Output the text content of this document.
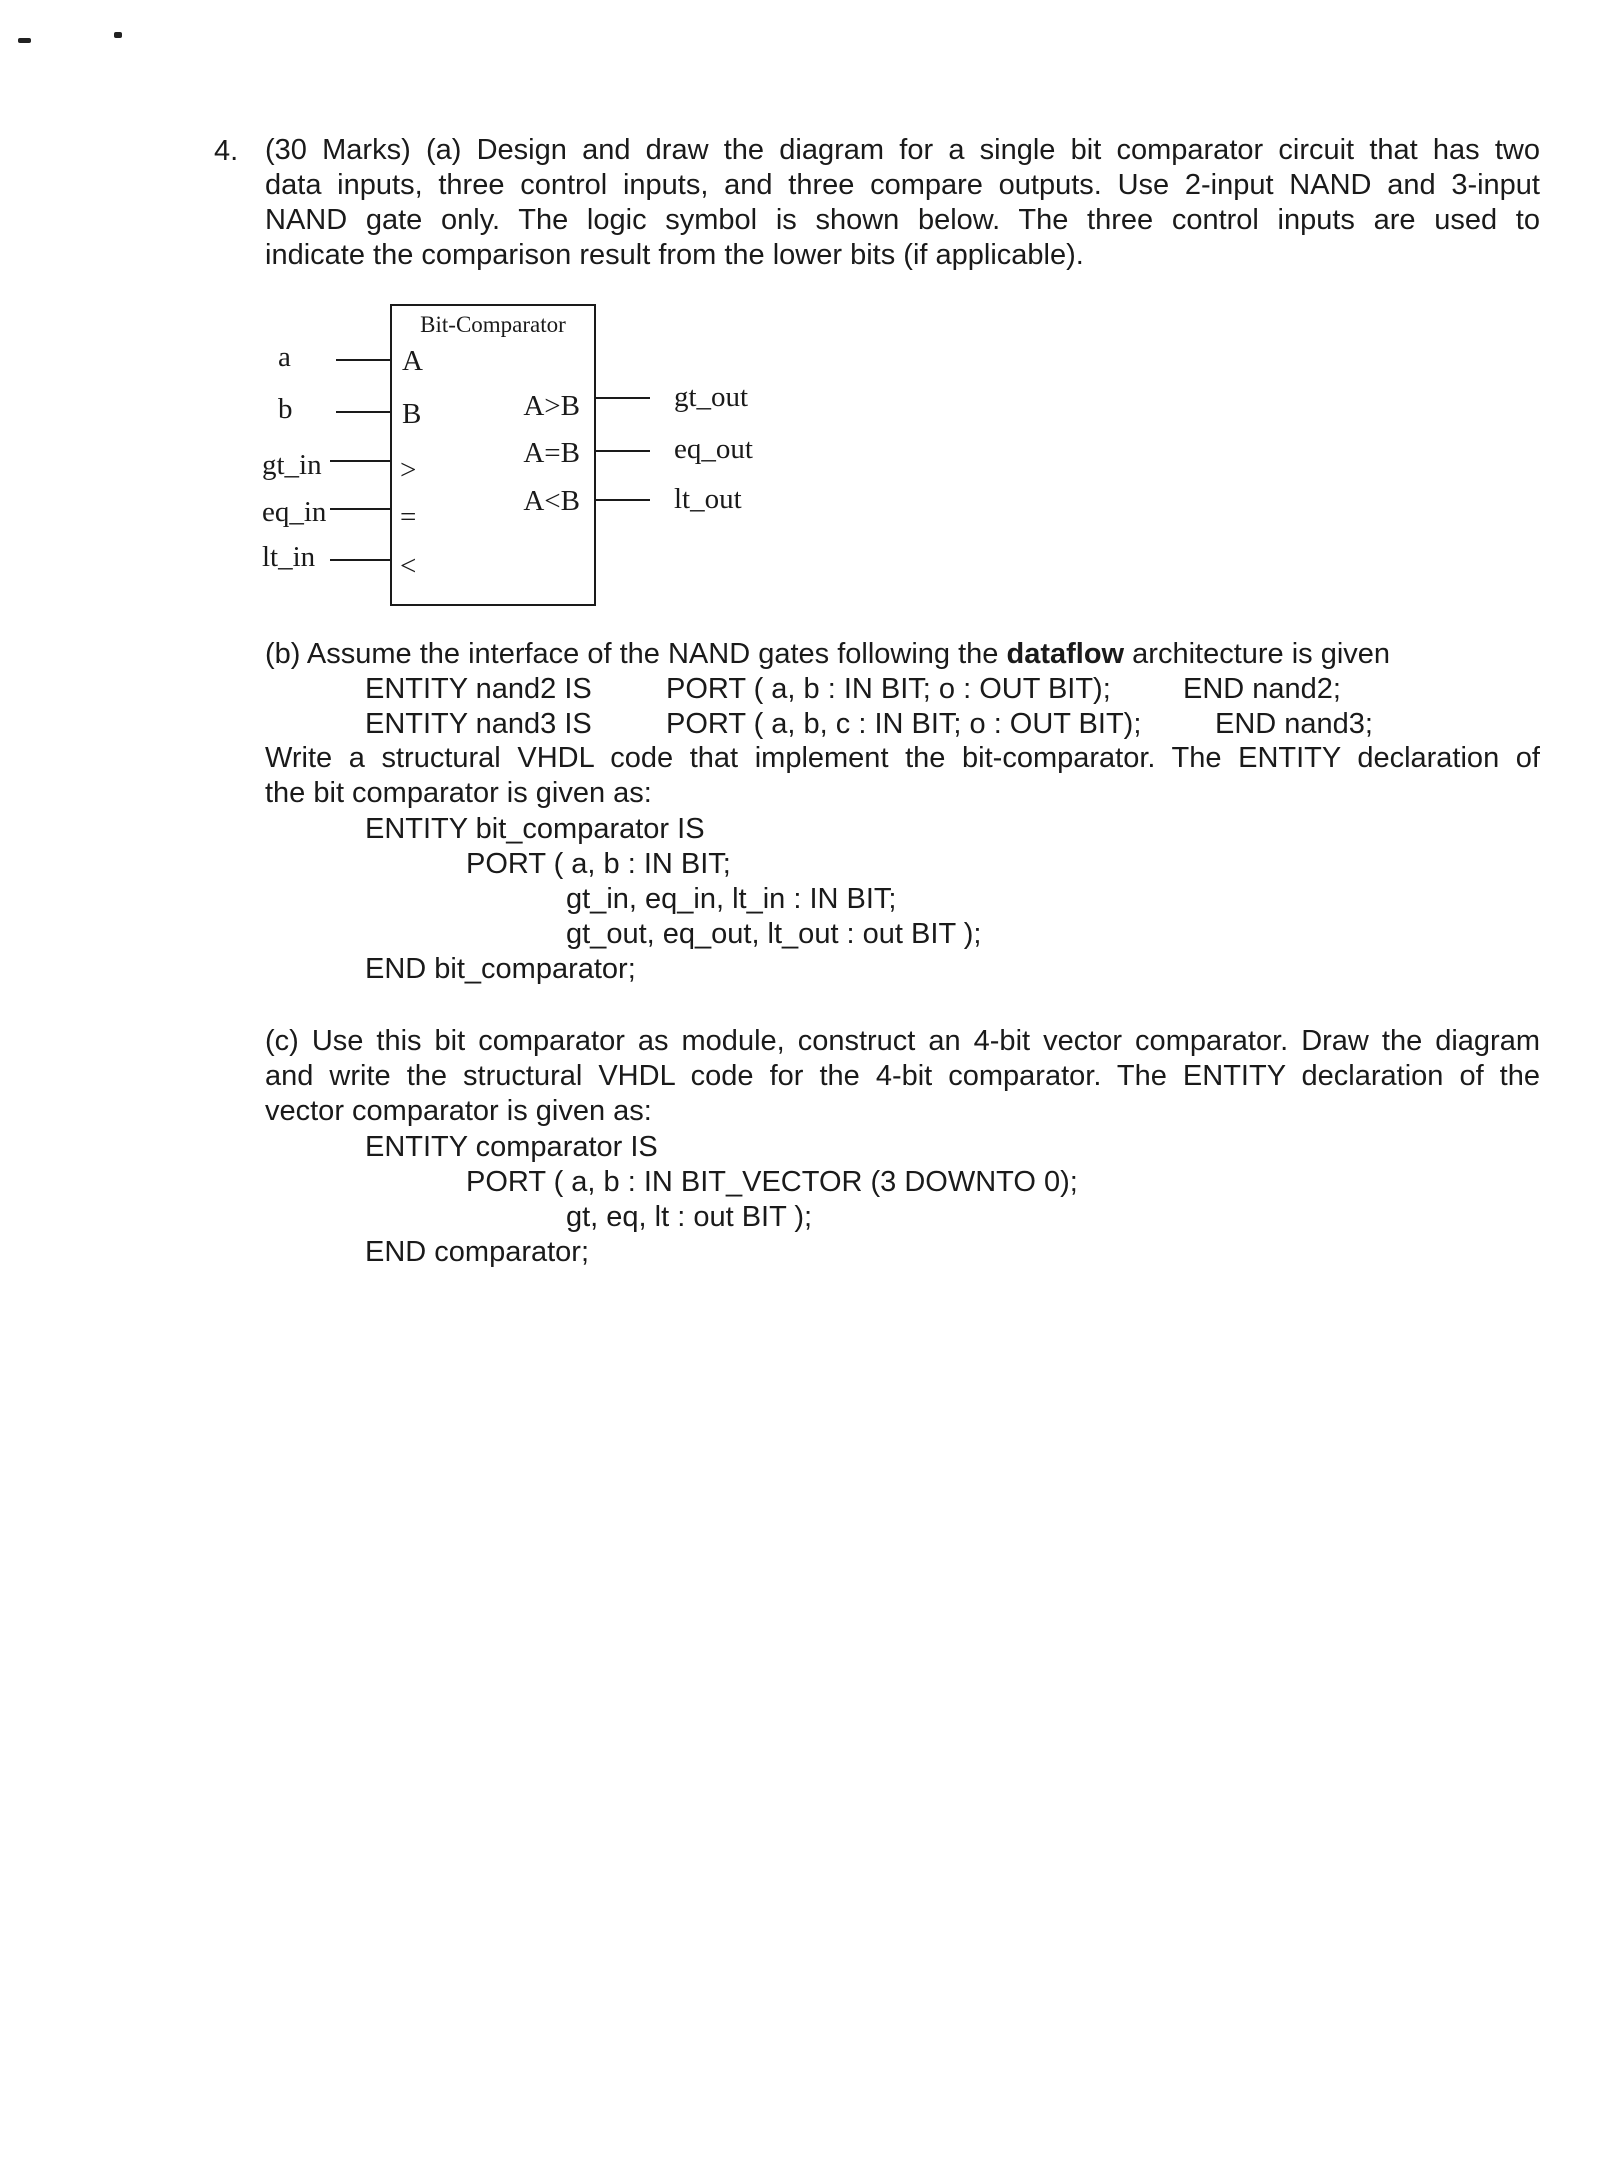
4. (30 Marks) (a) Design and draw the diagram for a single bit comparator circuit that has two
data inputs, three control inputs, and three compare outputs. Use 2-input NAND and 3-input
NAND gate only. The logic symbol is shown below. The three control inputs are used to
indicate the comparison result from the lower bits (if applicable).
Bit-Comparator
a
b
gt_in
eq_in
lt_in
A
B
>
=
<
A>B
A=B
A<B
gt_out
eq_out
lt_out
(b) Assume the interface of the NAND gates following the dataflow architecture is given
ENTITY nand2 IS	PORT ( a, b : IN BIT; o : OUT BIT); END nand2;
ENTITY nand3 IS	PORT ( a, b, c : IN BIT; o : OUT BIT);	END nand3;
Write a structural VHDL code that implement the bit-comparator. The ENTITY declaration of
the bit comparator is given as:
ENTITY bit_comparator IS
PORT ( a, b : IN BIT;
gt_in, eq_in, lt_in : IN BIT;
gt_out, eq_out, lt_out : out BIT );
END bit_comparator;
(c) Use this bit comparator as module, construct an 4-bit vector comparator. Draw the diagram
and write the structural VHDL code for the 4-bit comparator. The ENTITY declaration of the
vector comparator is given as:
ENTITY comparator IS
PORT ( a, b : IN BIT_VECTOR (3 DOWNTO 0);
gt, eq, lt : out BIT );
END comparator;
